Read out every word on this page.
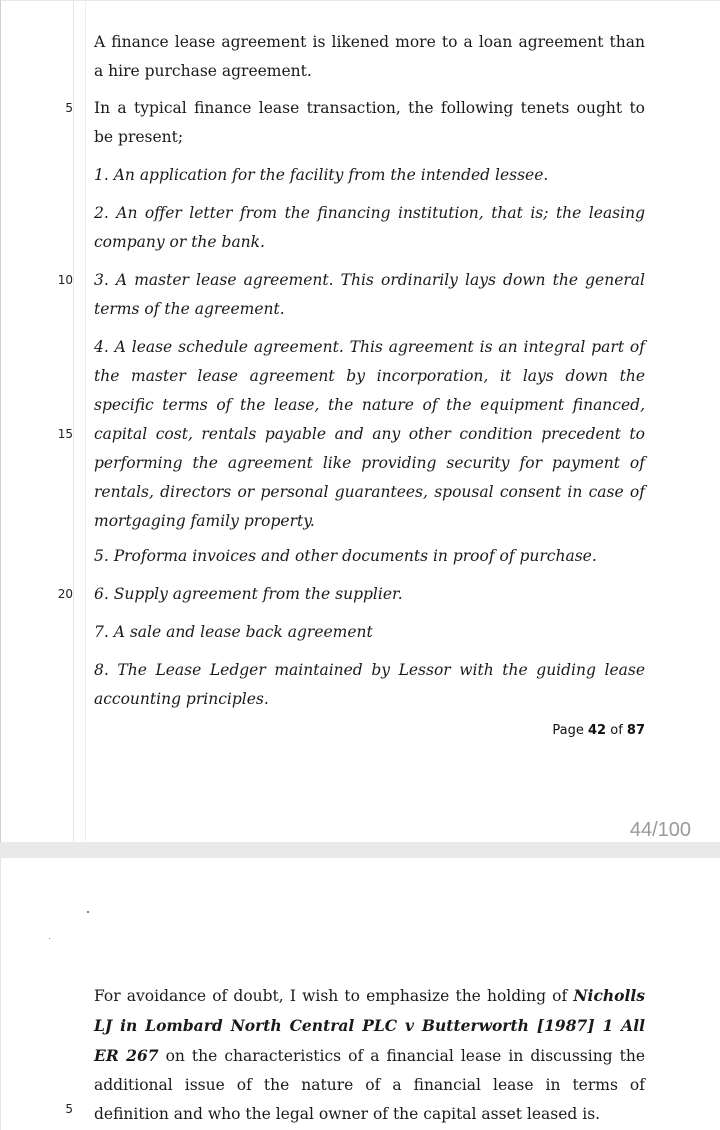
A finance lease agreement is likened more to a loan agreement than a hire purchase agreement.

In a typical finance lease transaction, the following tenets ought to be present;

1. An application for the facility from the intended lessee.

2. An offer letter from the financing institution, that is; the leasing company or the bank.

3. A master lease agreement. This ordinarily lays down the general terms of the agreement.

4. A lease schedule agreement. This agreement is an integral part of the master lease agreement by incorporation, it lays down the specific terms of the lease, the nature of the equipment financed, capital cost, rentals payable and any other condition precedent to performing the agreement like providing security for payment of rentals, directors or personal guarantees, spousal consent in case of mortgaging family property.

5. Proforma invoices and other documents in proof of purchase.

6. Supply agreement from the supplier.

7. A sale and lease back agreement

8. The Lease Ledger maintained by Lessor with the guiding lease accounting principles.

5
10
15
20
Page 42 of 87
44/100

For avoidance of doubt, I wish to emphasize the holding of Nicholls LJ in Lombard North Central PLC v Butterworth [1987] 1 All ER 267 on the characteristics of a financial lease in discussing the additional issue of the nature of a financial lease in terms of definition and who the legal owner of the capital asset leased is.

5
